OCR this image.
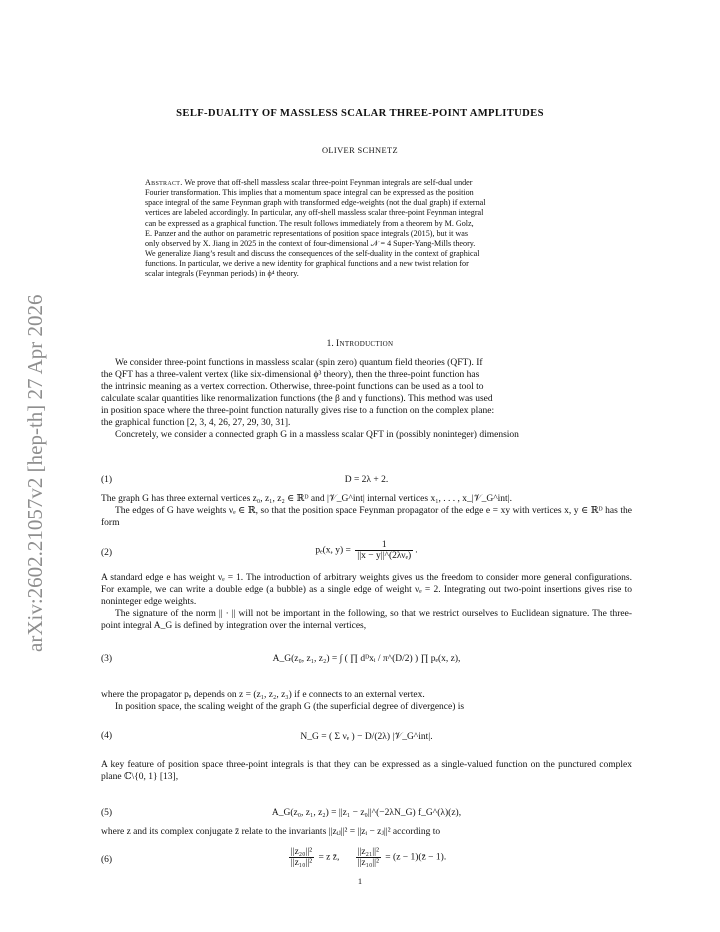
arXiv:2602.21057v2 [hep-th] 27 Apr 2026
SELF-DUALITY OF MASSLESS SCALAR THREE-POINT AMPLITUDES
OLIVER SCHNETZ
Abstract. We prove that off-shell massless scalar three-point Feynman integrals are self-dual under
Fourier transformation. This implies that a momentum space integral can be expressed as the position
space integral of the same Feynman graph with transformed edge-weights (not the dual graph) if external
vertices are labeled accordingly. In particular, any off-shell massless scalar three-point Feynman integral
can be expressed as a graphical function. The result follows immediately from a theorem by M. Golz,
E. Panzer and the author on parametric representations of position space integrals (2015), but it was
only observed by X. Jiang in 2025 in the context of four-dimensional 𝒩 = 4 Super-Yang-Mills theory.
We generalize Jiang’s result and discuss the consequences of the self-duality in the context of graphical
functions. In particular, we derive a new identity for graphical functions and a new twist relation for
scalar integrals (Feynman periods) in ϕ⁴ theory.
1. Introduction
We consider three-point functions in massless scalar (spin zero) quantum field theories (QFT). If
the QFT has a three-valent vertex (like six-dimensional ϕ³ theory), then the three-point function has
the intrinsic meaning as a vertex correction. Otherwise, three-point functions can be used as a tool to
calculate scalar quantities like renormalization functions (the β and γ functions). This method was used
in position space where the three-point function naturally gives rise to a function on the complex plane:
the graphical function [2, 3, 4, 26, 27, 29, 30, 31].

Concretely, we consider a connected graph G in a massless scalar QFT in (possibly noninteger) dimension

(1)	D = 2λ + 2.

The graph G has three external vertices z₀, z₁, z₂ ∈ ℝᴰ and |𝒱_G^int| internal vertices x₁, . . . , x_|𝒱_G^int|.

The edges of G have weights νₑ ∈ ℝ, so that the position space Feynman propagator of the edge e = xy with vertices x, y ∈ ℝᴰ has the form

(2)	pₑ(x, $y) = \frac{1}{\text{||x − y||\textasciicircum{}(2λνₑ)}}$ .

A standard edge e has weight νₑ = 1. The introduction of arbitrary weights gives us the freedom to consider more general configurations. For example, we can write a double edge (a bubble) as a single edge of weight νₑ = 2. Integrating out two-point insertions gives rise to noninteger edge weights.

The signature of the norm || · || will not be important in the following, so that we restrict ourselves to Euclidean signature. The three-point integral A_G is defined by integration over the internal vertices,

(3)	A_G(z₀, z₁, z₂) = ∫ ( ∏ dᴰxᵢ / π^(D/2) ) ∏ pₑ(x, z),

where the propagator pₑ depends on z = (z₁, z₂, z₃) if e connects to an external vertex.

In position space, the scaling weight of the graph G (the superficial degree of divergence) is

(4)	N_G = ( Σ νₑ ) − D/(2λ) |𝒱_G^int|.

A key feature of position space three-point integrals is that they can be expressed as a single-valued function on the punctured complex plane ℂ\{0, 1} [13],

(5)	A_G(z₀, z₁, z₂) = ||z₁ − z₀||^(−2λN_G) f_G^(λ)(z),

where z and its complex conjugate z̄ relate to the invariants ||zᵢⱼ||² = ||zᵢ − zⱼ||² according to

(6)	$\frac{\text{||z₂₀||²}}{\text{||z₁₀||²}} = z$ z̄, $\frac{\text{||z₂₁||²}}{\text{||z₁₀||²}} = (z$ − 1)(z̄ − 1).
1
